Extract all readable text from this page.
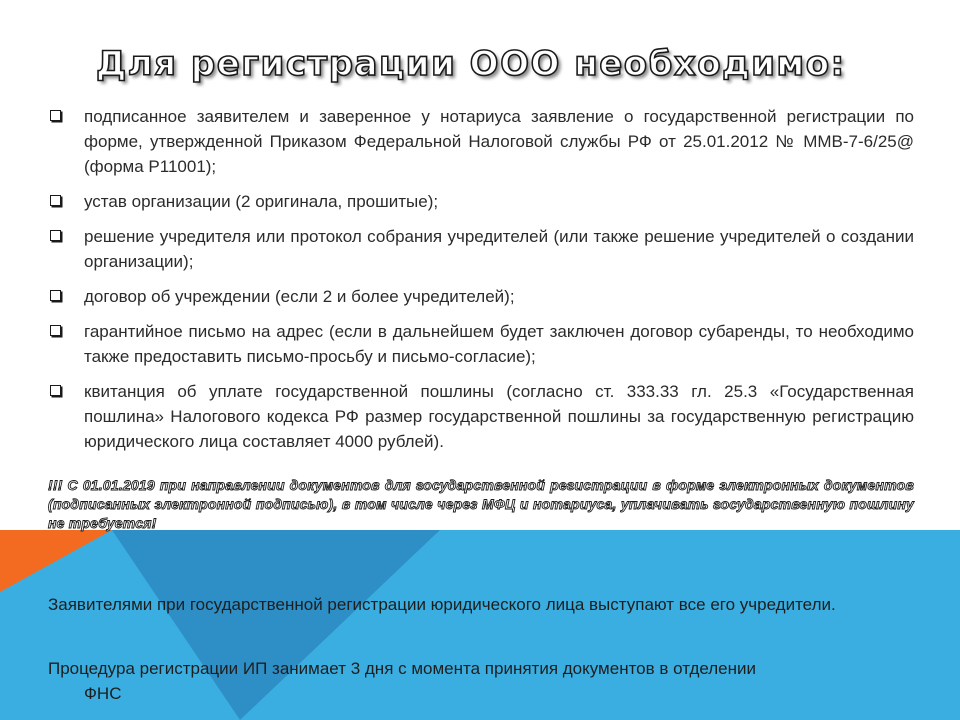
Для регистрации ООО необходимо:
подписанное заявителем и заверенное у нотариуса заявление о государственной регистрации по форме, утвержденной Приказом Федеральной Налоговой службы РФ от 25.01.2012 № ММВ-7-6/25@ (форма Р11001);
устав организации (2 оригинала, прошитые);
решение учредителя или протокол собрания учредителей (или также решение учредителей о создании организации);
договор об учреждении (если 2 и более учредителей);
гарантийное письмо на адрес (если в дальнейшем будет заключен договор субаренды, то необходимо также предоставить письмо-просьбу и письмо-согласие);
квитанция об уплате государственной пошлины (согласно ст. 333.33 гл. 25.3 «Государственная пошлина» Налогового кодекса РФ размер государственной пошлины за государственную регистрацию юридического лица составляет 4000 рублей).
!!! С 01.01.2019 при направлении документов для государственной регистрации в форме электронных документов (подписанных электронной подписью), в том числе через МФЦ и нотариуса, уплачивать государственную пошлину не требуется!
Заявителями при государственной регистрации юридического лица выступают все его учредители.
Процедура регистрации ИП занимает 3 дня с момента принятия документов в отделении
ФНС
